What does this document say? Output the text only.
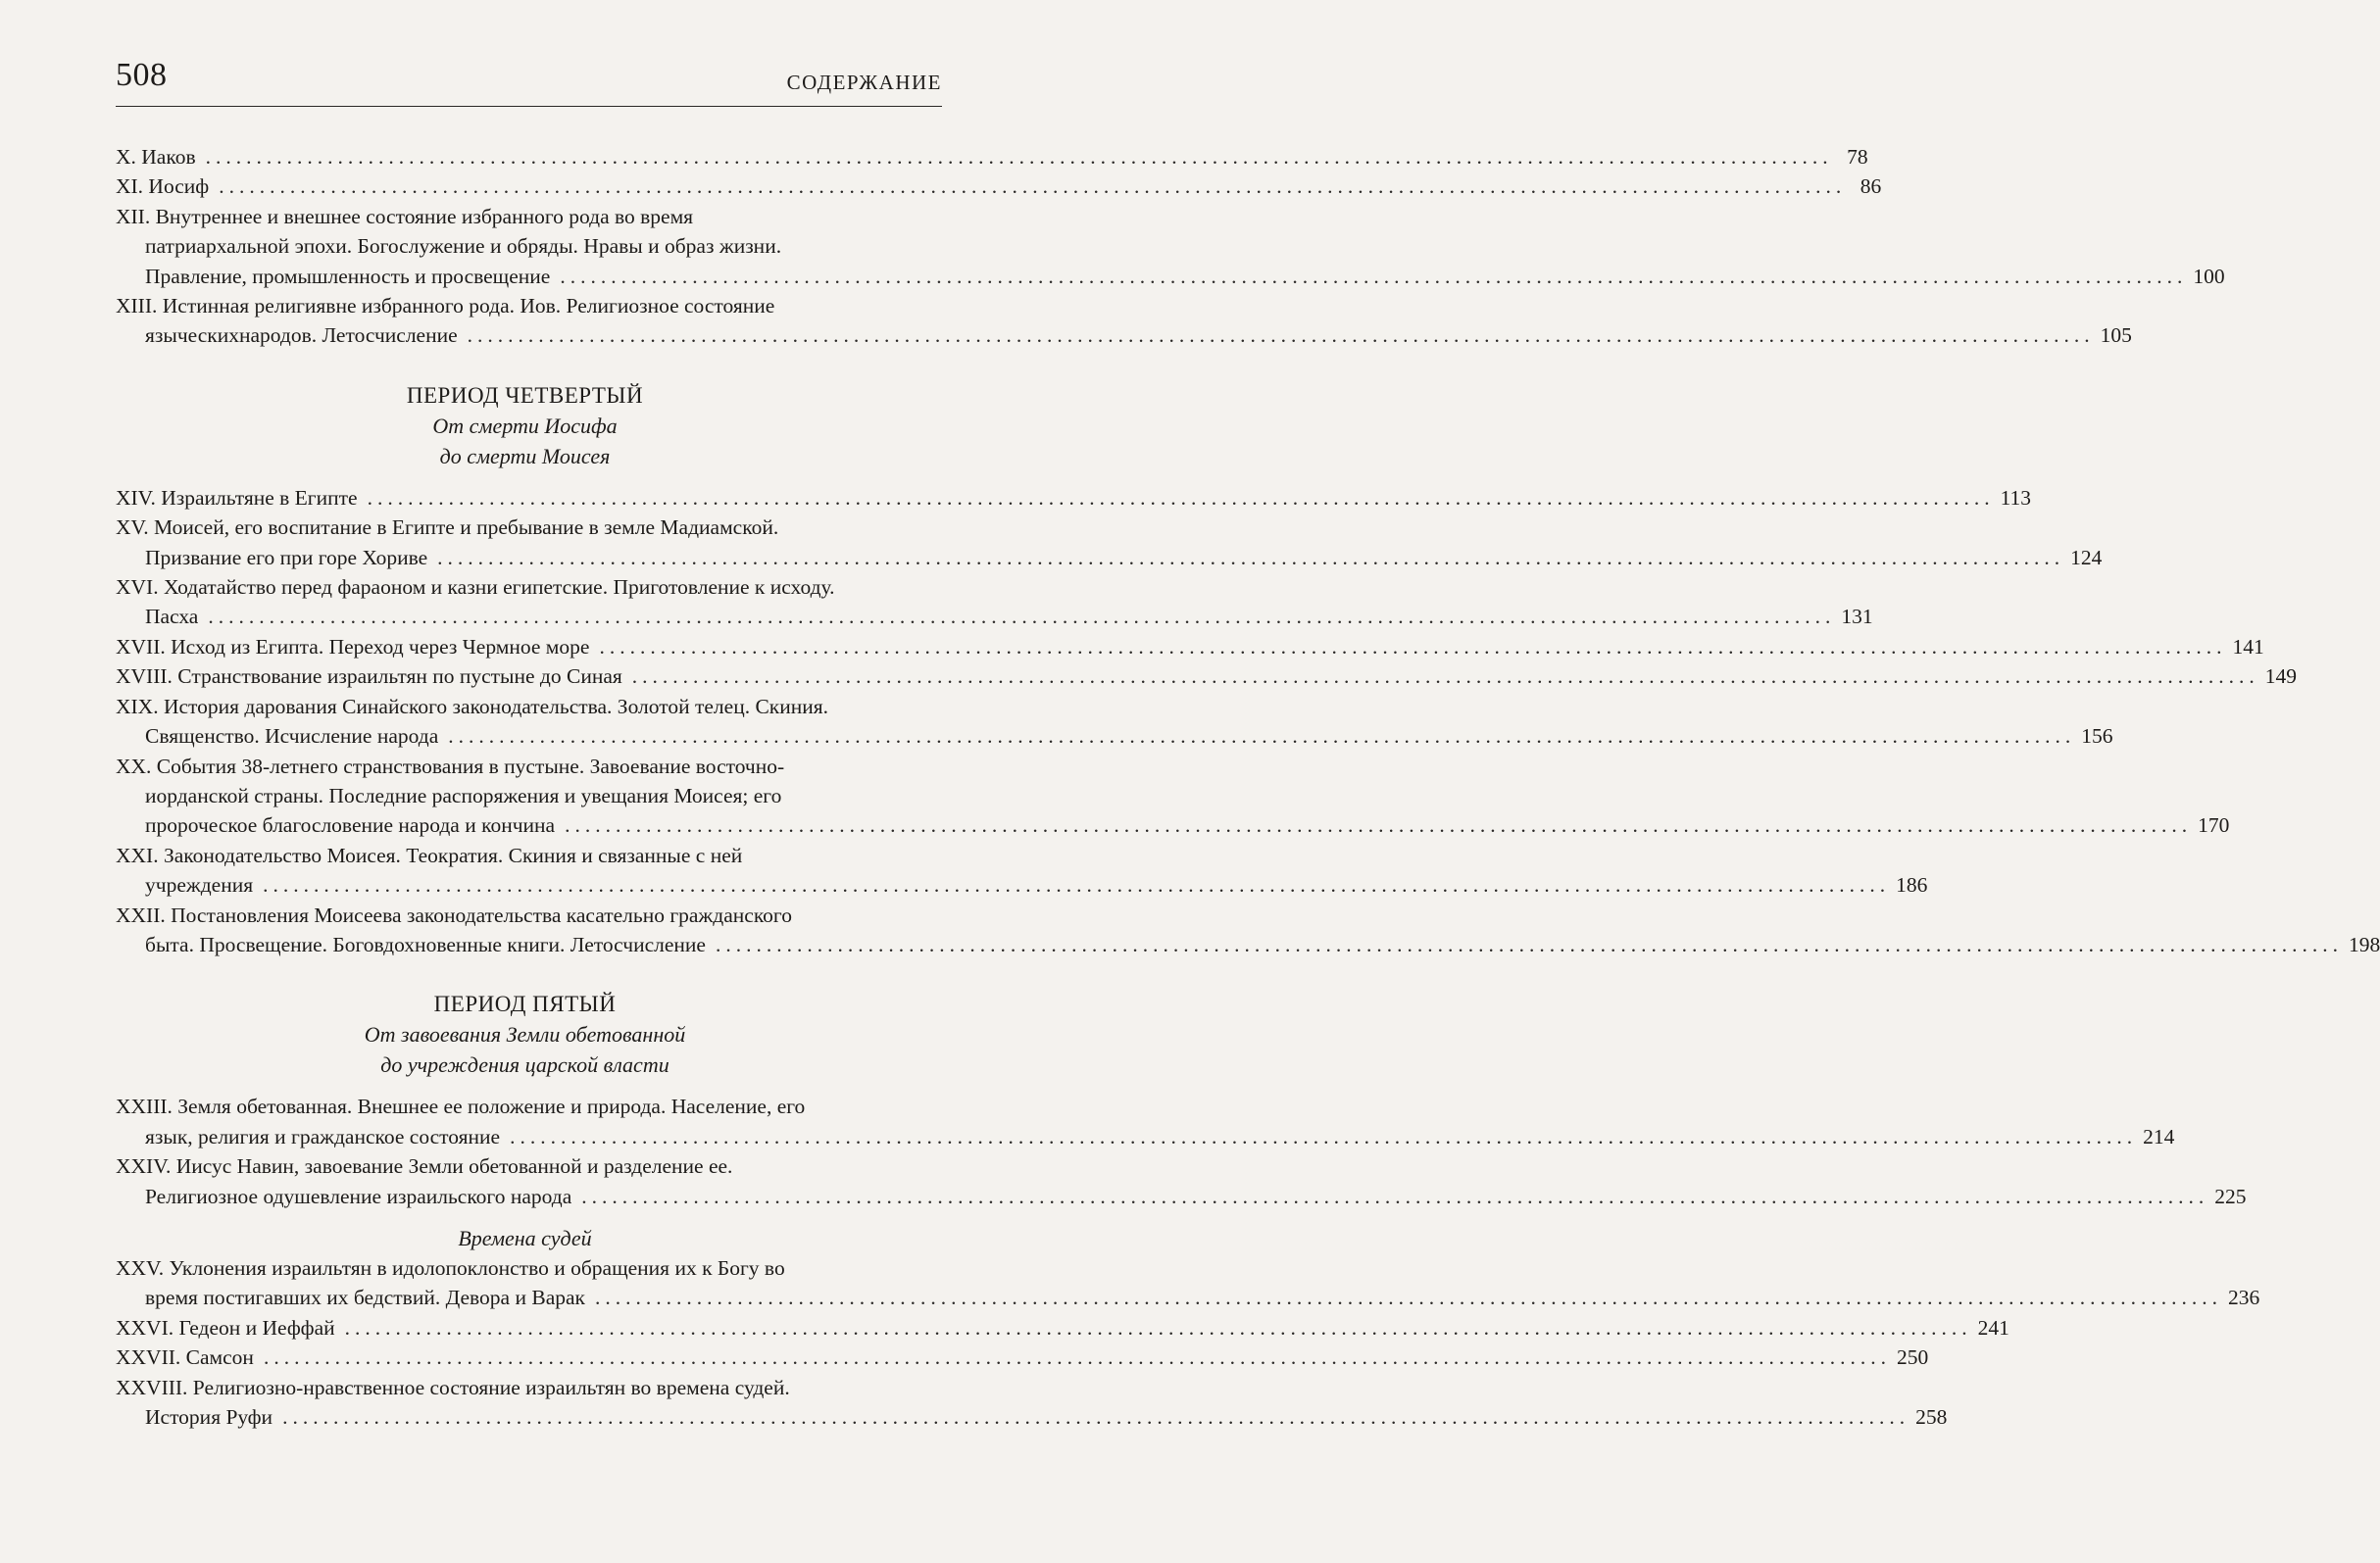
508	СОДЕРЖАНИЕ
X. Иаков ................................................................................................................................................................ 78
XI. Иосиф ................................................................................................................................................................ 86
XII. Внутреннее и внешнее состояние избранного рода во время
патриархальной эпохи. Богослужение и обряды. Нравы и образ жизни.
Правление, промышленность и просвещение ................................................................................................................................................................ 100
XIII. Истинная религиявне избранного рода. Иов. Религиозное состояние
языческихнародов. Летосчисление ................................................................................................................................................................ 105
ПЕРИОД ЧЕТВЕРТЫЙ
От смерти Иосифа
до смерти Моисея
XIV. Израильтяне в Египте ................................................................................................................................................................ 113
XV. Моисей, его воспитание в Египте и пребывание в земле Мадиамской.
Призвание его при горе Хориве ................................................................................................................................................................ 124
XVI. Ходатайство перед фараоном и казни египетские. Приготовление к исходу.
Пасха ................................................................................................................................................................ 131
XVII. Исход из Египта. Переход через Чермное море ................................................................................................................................................................ 141
XVIII. Странствование израильтян по пустыне до Синая ................................................................................................................................................................ 149
XIX. История дарования Синайского законодательства. Золотой телец. Скиния.
Священство. Исчисление народа ................................................................................................................................................................ 156
XX. События 38-летнего странствования в пустыне. Завоевание восточно-
иорданской страны. Последние распоряжения и увещания Моисея; его
пророческое благословение народа и кончина ................................................................................................................................................................ 170
XXI. Законодательство Моисея. Теократия. Скиния и связанные с ней
учреждения ................................................................................................................................................................ 186
XXII. Постановления Моисеева законодательства касательно гражданского
быта. Просвещение. Боговдохновенные книги. Летосчисление ................................................................................................................................................................ 198
ПЕРИОД ПЯТЫЙ
От завоевания Земли обетованной
до учреждения царской власти
XXIII. Земля обетованная. Внешнее ее положение и природа. Население, его
язык, религия и гражданское состояние ................................................................................................................................................................ 214
XXIV. Иисус Навин, завоевание Земли обетованной и разделение ее.
Религиозное одушевление израильского народа ................................................................................................................................................................ 225
Времена судей
XXV. Уклонения израильтян в идолопоклонство и обращения их к Богу во
время постигавших их бедствий. Девора и Варак ................................................................................................................................................................ 236
XXVI. Гедеон и Иеффай ................................................................................................................................................................ 241
XXVII. Самсон ................................................................................................................................................................ 250
XXVIII. Религиозно-нравственное состояние израильтян во времена судей.
История Руфи ................................................................................................................................................................ 258
